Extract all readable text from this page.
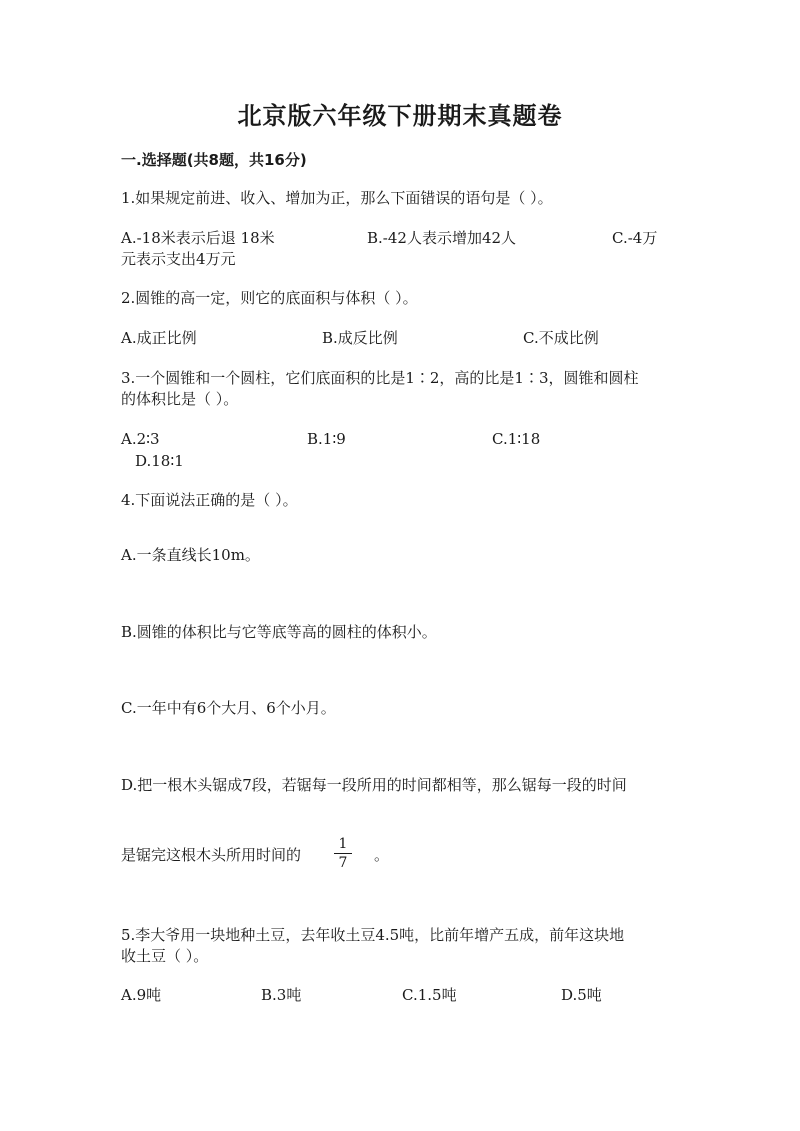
北京版六年级下册期末真题卷
一.选择题(共8题，共16分)
1.如果规定前进、收入、增加为正，那么下面错误的语句是（ ）。
A.-18米表示后退 18米	B.-42人表示增加42人	C.-4万
元表示支出4万元
2.圆锥的高一定，则它的底面积与体积（ ）。
A.成正比例	B.成反比例	C.不成比例
3.一个圆锥和一个圆柱，它们底面积的比是1∶2，高的比是1∶3，圆锥和圆柱
的体积比是（ ）。
A.2∶3	B.1∶9	C.1∶18
D.18∶1
4.下面说法正确的是（ ）。
A.一条直线长10m。
B.圆锥的体积比与它等底等高的圆柱的体积小。
C.一年中有6个大月、6个小月。
D.把一根木头锯成7段，若锯每一段所用的时间都相等，那么锯每一段的时间
是锯完这根木头所用时间的 $\frac{1}{7}$ 。
5.李大爷用一块地种土豆，去年收土豆4.5吨，比前年增产五成，前年这块地
收土豆（ ）。
A.9吨	B.3吨	C.1.5吨	D.5吨
